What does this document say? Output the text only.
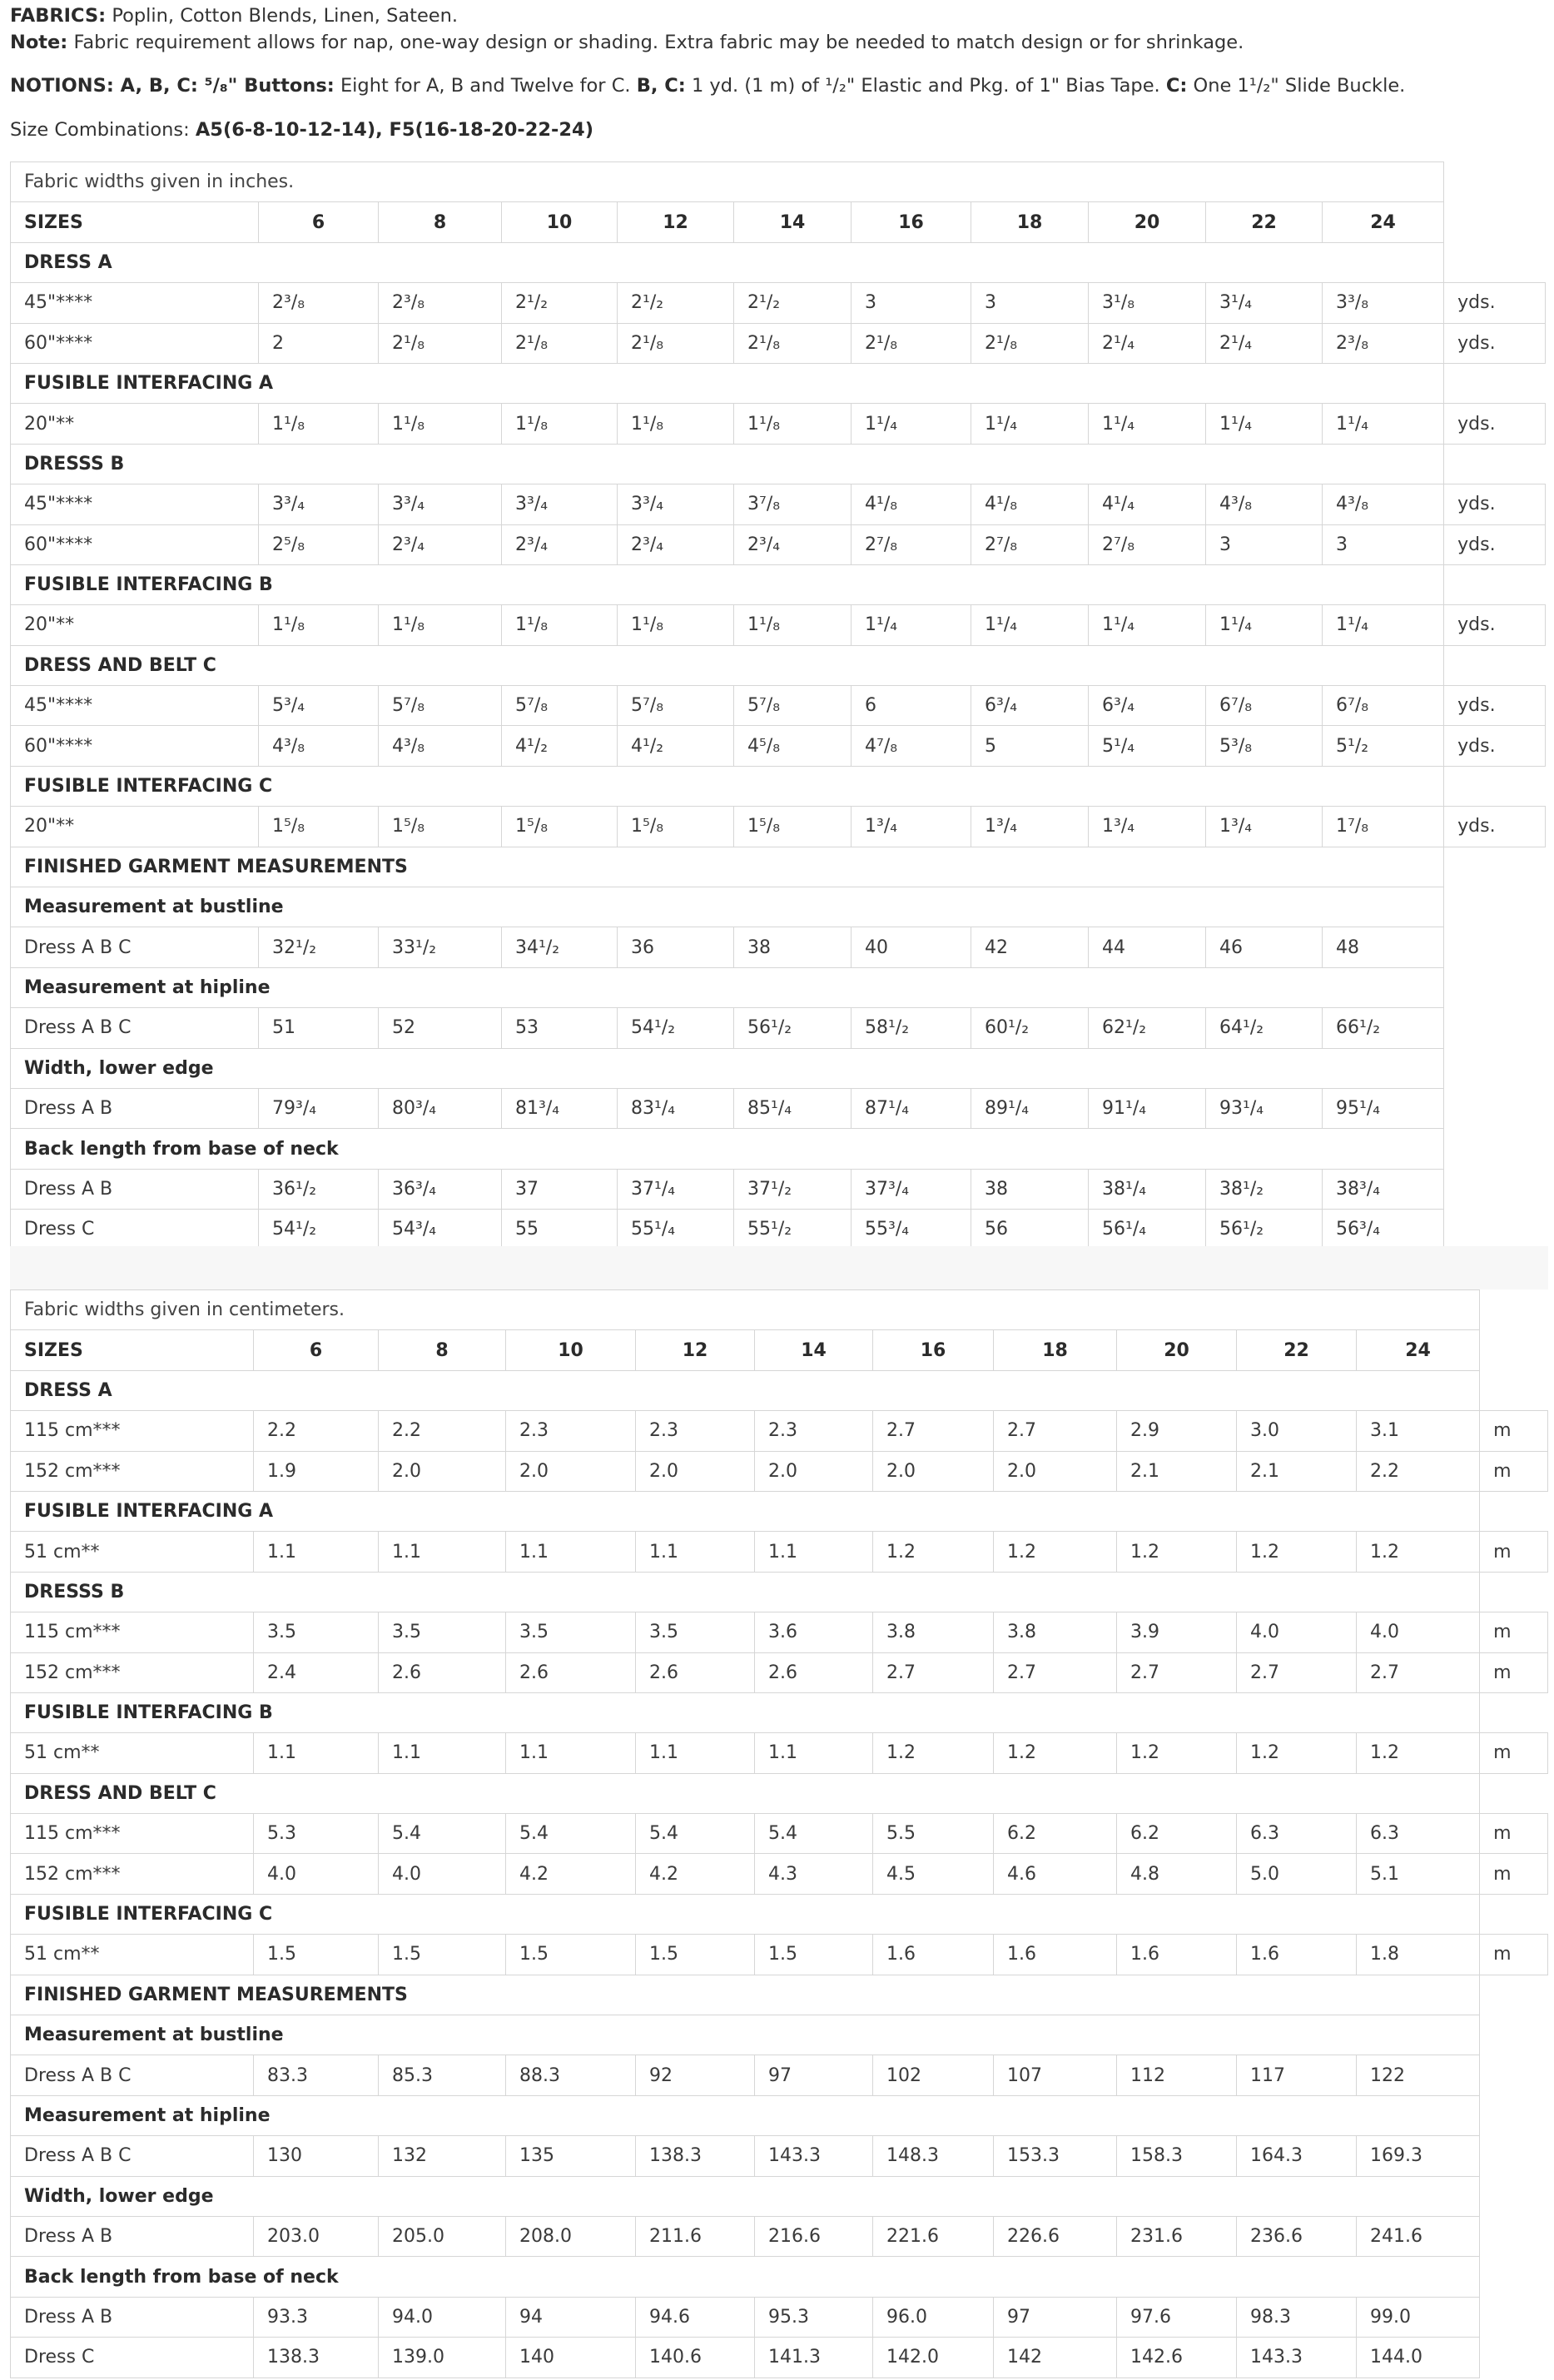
FABRICS: Poplin, Cotton Blends, Linen, Sateen.
Note: Fabric requirement allows for nap, one-way design or shading. Extra fabric may be needed to match design or for shrinkage.
NOTIONS: A, B, C: ⁵/₈" Buttons: Eight for A, B and Twelve for C. B, C: 1 yd. (1 m) of ¹/₂" Elastic and Pkg. of 1" Bias Tape. C: One 1¹/₂" Slide Buckle.
Size Combinations: A5(6-8-10-12-14), F5(16-18-20-22-24)
Fabric widths given in inches.											
SIZES	6	8	10	12	14	16	18	20	22	24	
DRESS A											
45"****	2³/₈	2³/₈	2¹/₂	2¹/₂	2¹/₂	3	3	3¹/₈	3¹/₄	3³/₈	yds.
60"****	2	2¹/₈	2¹/₈	2¹/₈	2¹/₈	2¹/₈	2¹/₈	2¹/₄	2¹/₄	2³/₈	yds.
FUSIBLE INTERFACING A											
20"**	1¹/₈	1¹/₈	1¹/₈	1¹/₈	1¹/₈	1¹/₄	1¹/₄	1¹/₄	1¹/₄	1¹/₄	yds.
DRESSS B											
45"****	3³/₄	3³/₄	3³/₄	3³/₄	3⁷/₈	4¹/₈	4¹/₈	4¹/₄	4³/₈	4³/₈	yds.
60"****	2⁵/₈	2³/₄	2³/₄	2³/₄	2³/₄	2⁷/₈	2⁷/₈	2⁷/₈	3	3	yds.
FUSIBLE INTERFACING B											
20"**	1¹/₈	1¹/₈	1¹/₈	1¹/₈	1¹/₈	1¹/₄	1¹/₄	1¹/₄	1¹/₄	1¹/₄	yds.
DRESS AND BELT C											
45"****	5³/₄	5⁷/₈	5⁷/₈	5⁷/₈	5⁷/₈	6	6³/₄	6³/₄	6⁷/₈	6⁷/₈	yds.
60"****	4³/₈	4³/₈	4¹/₂	4¹/₂	4⁵/₈	4⁷/₈	5	5¹/₄	5³/₈	5¹/₂	yds.
FUSIBLE INTERFACING C											
20"**	1⁵/₈	1⁵/₈	1⁵/₈	1⁵/₈	1⁵/₈	1³/₄	1³/₄	1³/₄	1³/₄	1⁷/₈	yds.
FINISHED GARMENT MEASUREMENTS											
Measurement at bustline											
Dress A B C	32¹/₂	33¹/₂	34¹/₂	36	38	40	42	44	46	48	
Measurement at hipline											
Dress A B C	51	52	53	54¹/₂	56¹/₂	58¹/₂	60¹/₂	62¹/₂	64¹/₂	66¹/₂	
Width, lower edge											
Dress A B	79³/₄	80³/₄	81³/₄	83¹/₄	85¹/₄	87¹/₄	89¹/₄	91¹/₄	93¹/₄	95¹/₄	
Back length from base of neck											
Dress A B	36¹/₂	36³/₄	37	37¹/₄	37¹/₂	37³/₄	38	38¹/₄	38¹/₂	38³/₄	
Dress C	54¹/₂	54³/₄	55	55¹/₄	55¹/₂	55³/₄	56	56¹/₄	56¹/₂	56³/₄	
Fabric widths given in centimeters.											
SIZES	6	8	10	12	14	16	18	20	22	24	
DRESS A											
115 cm***	2.2	2.2	2.3	2.3	2.3	2.7	2.7	2.9	3.0	3.1	m
152 cm***	1.9	2.0	2.0	2.0	2.0	2.0	2.0	2.1	2.1	2.2	m
FUSIBLE INTERFACING A											
51 cm**	1.1	1.1	1.1	1.1	1.1	1.2	1.2	1.2	1.2	1.2	m
DRESSS B											
115 cm***	3.5	3.5	3.5	3.5	3.6	3.8	3.8	3.9	4.0	4.0	m
152 cm***	2.4	2.6	2.6	2.6	2.6	2.7	2.7	2.7	2.7	2.7	m
FUSIBLE INTERFACING B											
51 cm**	1.1	1.1	1.1	1.1	1.1	1.2	1.2	1.2	1.2	1.2	m
DRESS AND BELT C											
115 cm***	5.3	5.4	5.4	5.4	5.4	5.5	6.2	6.2	6.3	6.3	m
152 cm***	4.0	4.0	4.2	4.2	4.3	4.5	4.6	4.8	5.0	5.1	m
FUSIBLE INTERFACING C											
51 cm**	1.5	1.5	1.5	1.5	1.5	1.6	1.6	1.6	1.6	1.8	m
FINISHED GARMENT MEASUREMENTS											
Measurement at bustline											
Dress A B C	83.3	85.3	88.3	92	97	102	107	112	117	122	
Measurement at hipline											
Dress A B C	130	132	135	138.3	143.3	148.3	153.3	158.3	164.3	169.3	
Width, lower edge											
Dress A B	203.0	205.0	208.0	211.6	216.6	221.6	226.6	231.6	236.6	241.6	
Back length from base of neck											
Dress A B	93.3	94.0	94	94.6	95.3	96.0	97	97.6	98.3	99.0	
Dress C	138.3	139.0	140	140.6	141.3	142.0	142	142.6	143.3	144.0	
